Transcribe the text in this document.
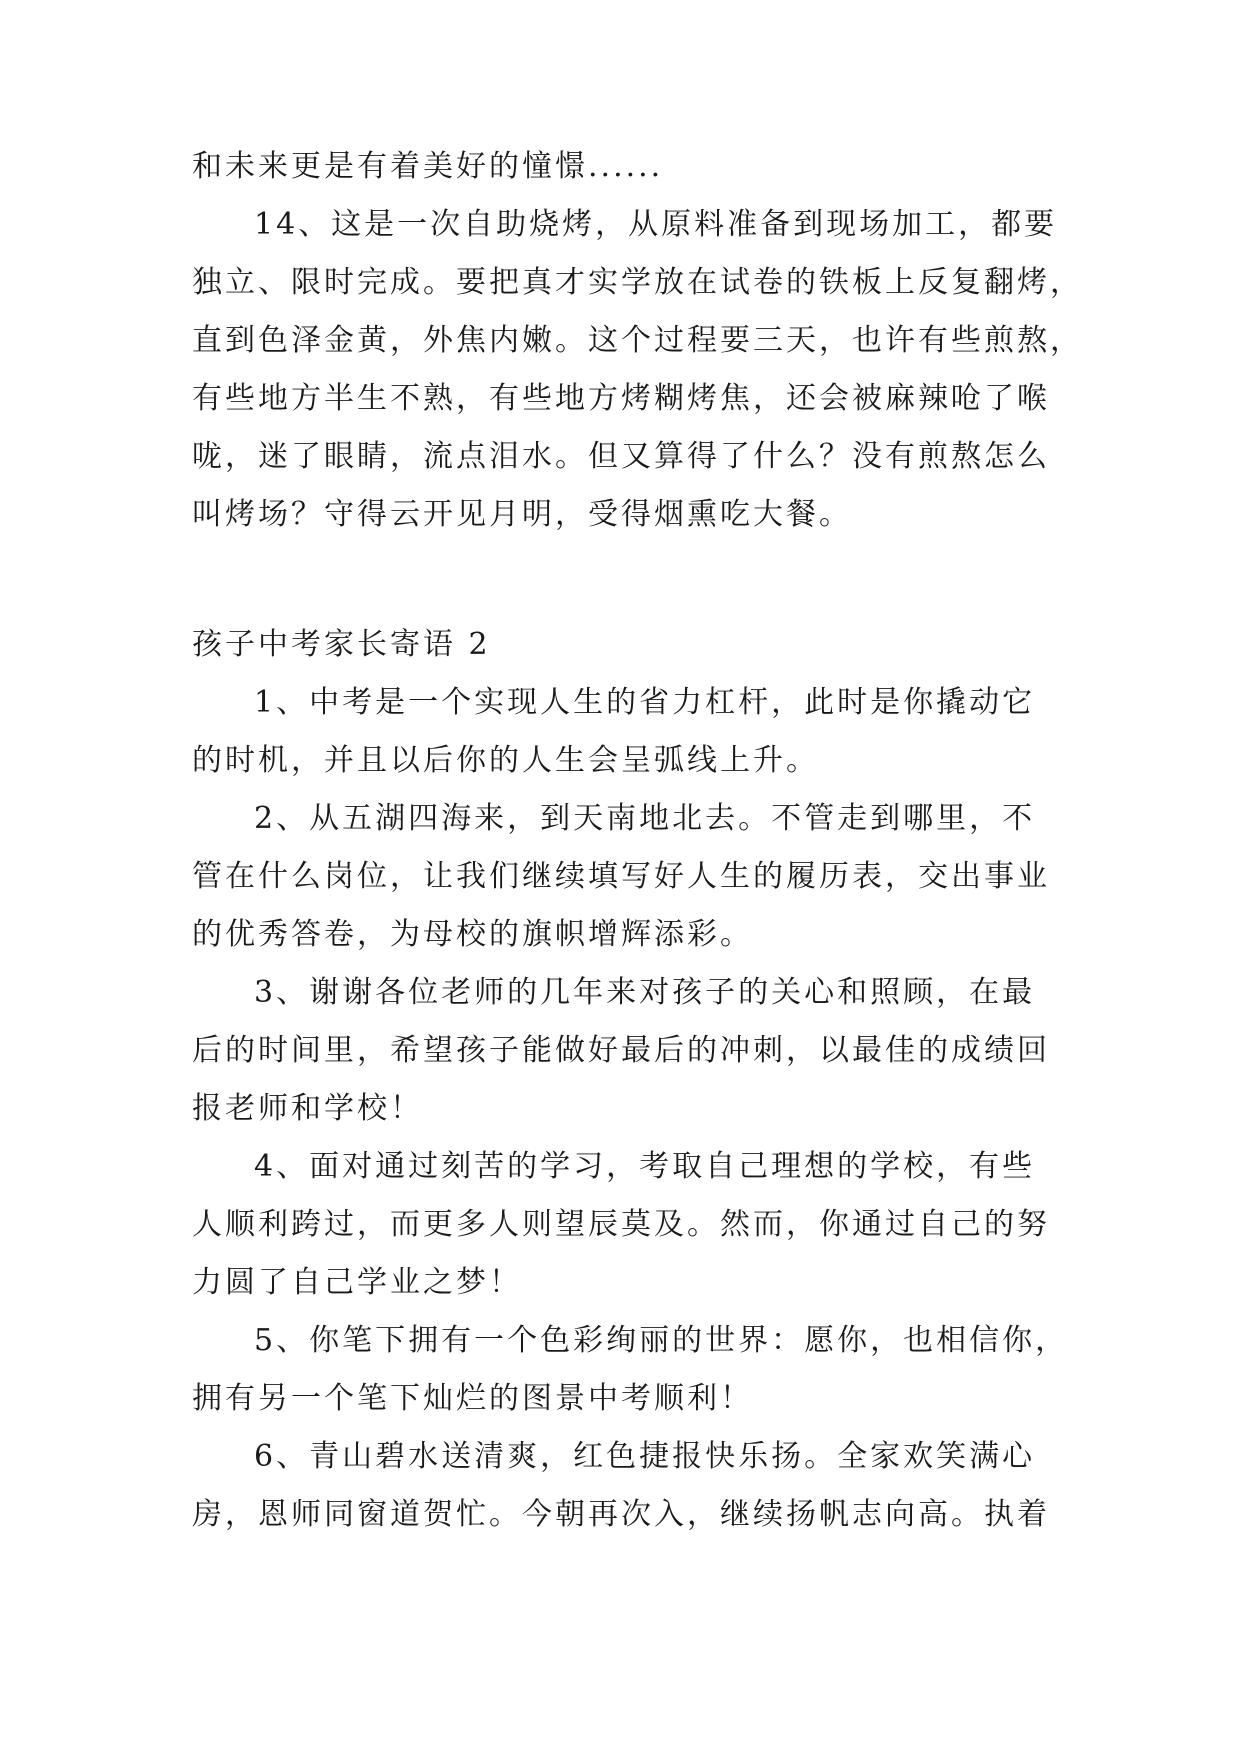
和未来更是有着美好的憧憬......
14、这是一次自助烧烤，从原料准备到现场加工，都要
独立、限时完成。要把真才实学放在试卷的铁板上反复翻烤，
直到色泽金黄，外焦内嫩。这个过程要三天，也许有些煎熬，
有些地方半生不熟，有些地方烤糊烤焦，还会被麻辣呛了喉
咙，迷了眼睛，流点泪水。但又算得了什么？没有煎熬怎么
叫烤场？守得云开见月明，受得烟熏吃大餐。
孩子中考家长寄语 2
1、中考是一个实现人生的省力杠杆，此时是你撬动它
的时机，并且以后你的人生会呈弧线上升。
2、从五湖四海来，到天南地北去。不管走到哪里，不
管在什么岗位，让我们继续填写好人生的履历表，交出事业
的优秀答卷，为母校的旗帜增辉添彩。
3、谢谢各位老师的几年来对孩子的关心和照顾，在最
后的时间里，希望孩子能做好最后的冲刺，以最佳的成绩回
报老师和学校！
4、面对通过刻苦的学习，考取自己理想的学校，有些
人顺利跨过，而更多人则望辰莫及。然而，你通过自己的努
力圆了自己学业之梦！
5、你笔下拥有一个色彩绚丽的世界：愿你，也相信你，
拥有另一个笔下灿烂的图景中考顺利！
6、青山碧水送清爽，红色捷报快乐扬。全家欢笑满心
房，恩师同窗道贺忙。今朝再次入，继续扬帆志向高。执着
